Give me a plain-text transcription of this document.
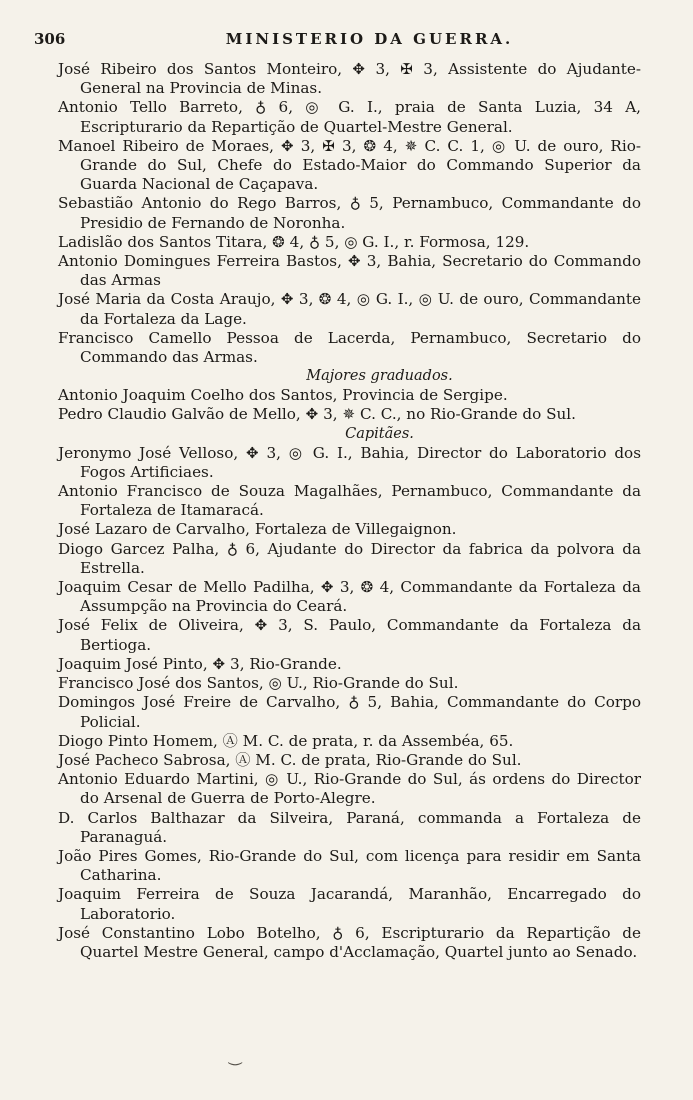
306	MINISTERIO DA GUERRA.
José Ribeiro dos Santos Monteiro, ✥ 3, ✠ 3, Assistente do Ajudante-General na Provincia de Minas.
Antonio Tello Barreto, ♁ 6, ◎ G. I., praia de Santa Luzia, 34 A, Escripturario da Repartição de Quartel-Mestre General.
Manoel Ribeiro de Moraes, ✥ 3, ✠ 3, ❂ 4, ✵ C. C. 1, ◎ U. de ouro, Rio-Grande do Sul, Chefe do Estado-Maior do Commando Superior da Guarda Nacional de Caçapava.
Sebastião Antonio do Rego Barros, ♁ 5, Pernambuco, Commandante do Presidio de Fernando de Noronha.
Ladislão dos Santos Titara, ❂ 4, ♁ 5, ◎ G. I., r. Formosa, 129.
Antonio Domingues Ferreira Bastos, ✥ 3, Bahia, Secretario do Commando das Armas
José Maria da Costa Araujo, ✥ 3, ❂ 4, ◎ G. I., ◎ U. de ouro, Commandante da Fortaleza da Lage.
Francisco Camello Pessoa de Lacerda, Pernambuco, Secretario do Commando das Armas.
Majores graduados.
Antonio Joaquim Coelho dos Santos, Provincia de Sergipe.
Pedro Claudio Galvão de Mello, ✥ 3, ✵ C. C., no Rio-Grande do Sul.
Capitães.
Jeronymo José Velloso, ✥ 3, ◎ G. I., Bahia, Director do Laboratorio dos Fogos Artificiaes.
Antonio Francisco de Souza Magalhães, Pernambuco, Commandante da Fortaleza de Itamaracá.
José Lazaro de Carvalho, Fortaleza de Villegaignon.
Diogo Garcez Palha, ♁ 6, Ajudante do Director da fabrica da polvora da Estrella.
Joaquim Cesar de Mello Padilha, ✥ 3, ❂ 4, Commandante da Fortaleza da Assumpção na Provincia do Ceará.
José Felix de Oliveira, ✥ 3, S. Paulo, Commandante da Fortaleza da Bertioga.
Joaquim José Pinto, ✥ 3, Rio-Grande.
Francisco José dos Santos, ◎ U., Rio-Grande do Sul.
Domingos José Freire de Carvalho, ♁ 5, Bahia, Commandante do Corpo Policial.
Diogo Pinto Homem, Ⓐ M. C. de prata, r. da Assembéa, 65.
José Pacheco Sabrosa, Ⓐ M. C. de prata, Rio-Grande do Sul.
Antonio Eduardo Martini, ◎ U., Rio-Grande do Sul, ás ordens do Director do Arsenal de Guerra de Porto-Alegre.
D. Carlos Balthazar da Silveira, Paraná, commanda a Fortaleza de Paranaguá.
João Pires Gomes, Rio-Grande do Sul, com licença para residir em Santa Catharina.
Joaquim Ferreira de Souza Jacarandá, Maranhão, Encarregado do Laboratorio.
José Constantino Lobo Botelho, ♁ 6, Escripturario da Repartição de Quartel Mestre General, campo d'Acclamação, Quartel junto ao Senado.
⏝
